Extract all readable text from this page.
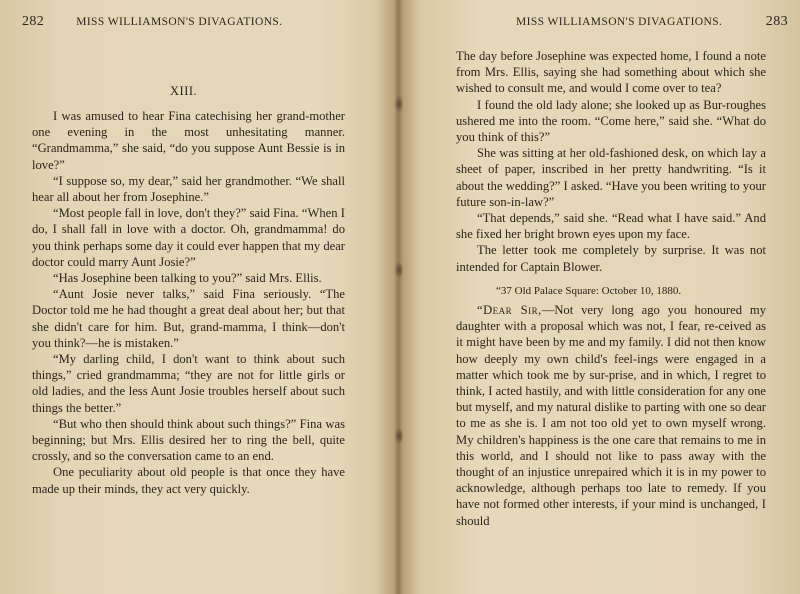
282	MISS WILLIAMSON'S DIVAGATIONS.
XIII.

I was amused to hear Fina catechising her grand-mother one evening in the most unhesitating manner. “Grandmamma,” she said, “do you suppose Aunt Bessie is in love?”

“I suppose so, my dear,” said her grandmother. “We shall hear all about her from Josephine.”

“Most people fall in love, don't they?” said Fina. “When I do, I shall fall in love with a doctor. Oh, grandmamma! do you think perhaps some day it could ever happen that my dear doctor could marry Aunt Josie?”

“Has Josephine been talking to you?” said Mrs. Ellis.

“Aunt Josie never talks,” said Fina seriously. “The Doctor told me he had thought a great deal about her; but that she didn't care for him. But, grand-mamma, I think—don't you think?—he is mistaken.”

“My darling child, I don't want to think about such things,” cried grandmamma; “they are not for little girls or old ladies, and the less Aunt Josie troubles herself about such things the better.”

“But who then should think about such things?” Fina was beginning; but Mrs. Ellis desired her to ring the bell, quite crossly, and so the conversation came to an end.

One peculiarity about old people is that once they have made up their minds, they act very quickly.

MISS WILLIAMSON'S DIVAGATIONS.	283

The day before Josephine was expected home, I found a note from Mrs. Ellis, saying she had something about which she wished to consult me, and would I come over to tea?

I found the old lady alone; she looked up as Bur-roughes ushered me into the room. “Come here,” said she. “What do you think of this?”

She was sitting at her old-fashioned desk, on which lay a sheet of paper, inscribed in her pretty handwriting. “Is it about the wedding?” I asked. “Have you been writing to your future son-in-law?”

“That depends,” said she. “Read what I have said.” And she fixed her bright brown eyes upon my face.

The letter took me completely by surprise. It was not intended for Captain Blower.

“37 Old Palace Square: October 10, 1880.

“Dear Sir,—Not very long ago you honoured my daughter with a proposal which was not, I fear, re-ceived as it might have been by me and my family. I did not then know how deeply my own child's feel-ings were engaged in a matter which took me by sur-prise, and in which, I regret to think, I acted hastily, and with little consideration for any one but myself, and my natural dislike to parting with one so dear to me as she is. I am not too old yet to own myself wrong. My children's happiness is the one care that remains to me in this world, and I should not like to pass away with the thought of an injustice unrepaired which it is in my power to acknowledge, although perhaps too late to remedy. If you have not formed other interests, if your mind is unchanged, I should
